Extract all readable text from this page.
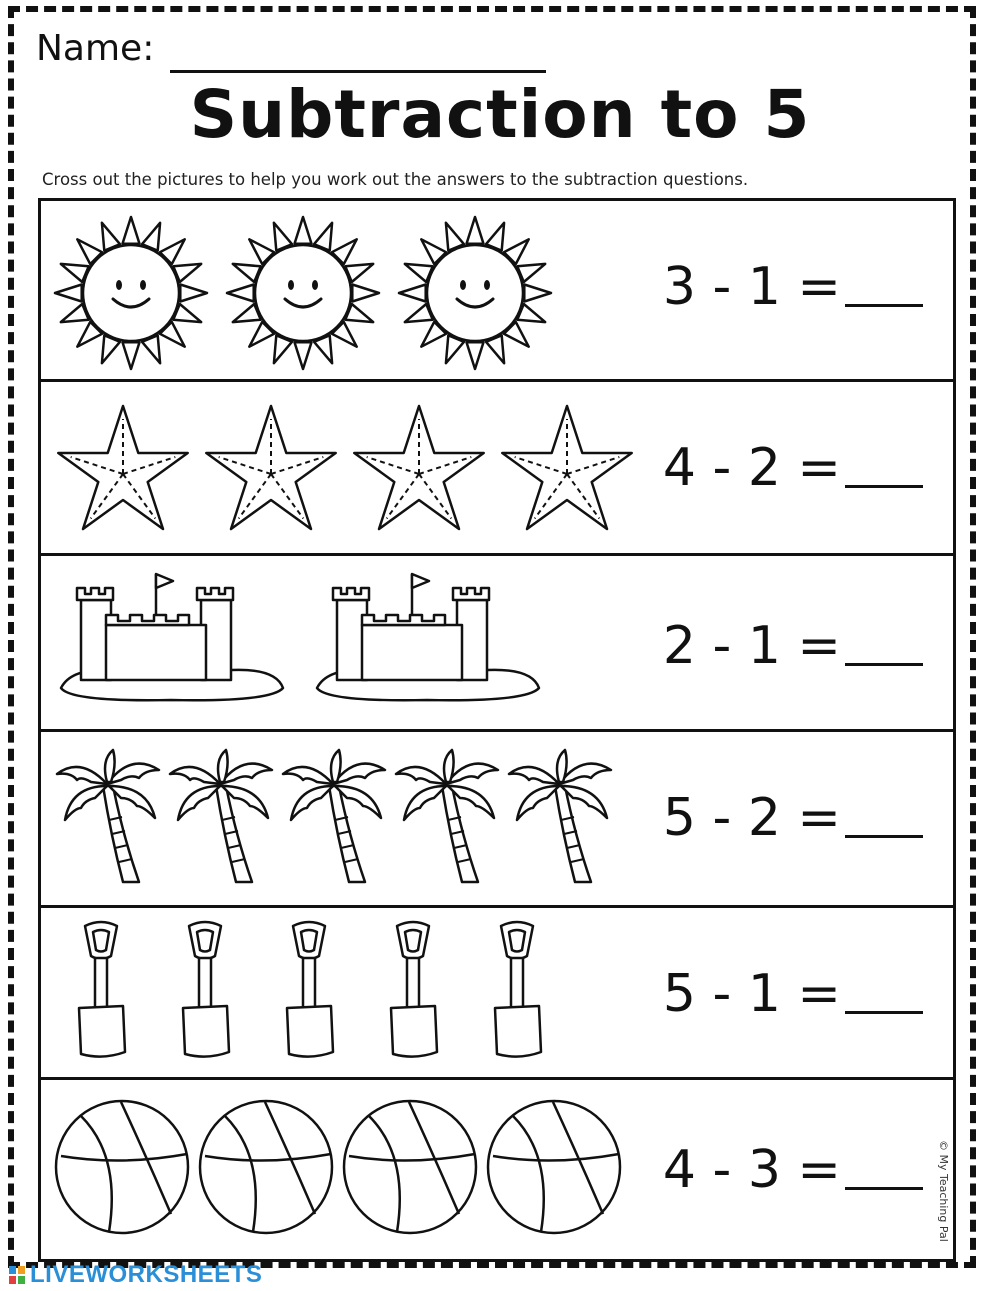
Name:
Subtraction to 5
Cross out the pictures to help you work out the answers to the subtraction questions.
3 - 1 =
4 - 2 =
2 - 1 =
5 - 2 =
5 - 1 =
4 - 3 =	© My Teaching Pal
LIVEWORKSHEETS
